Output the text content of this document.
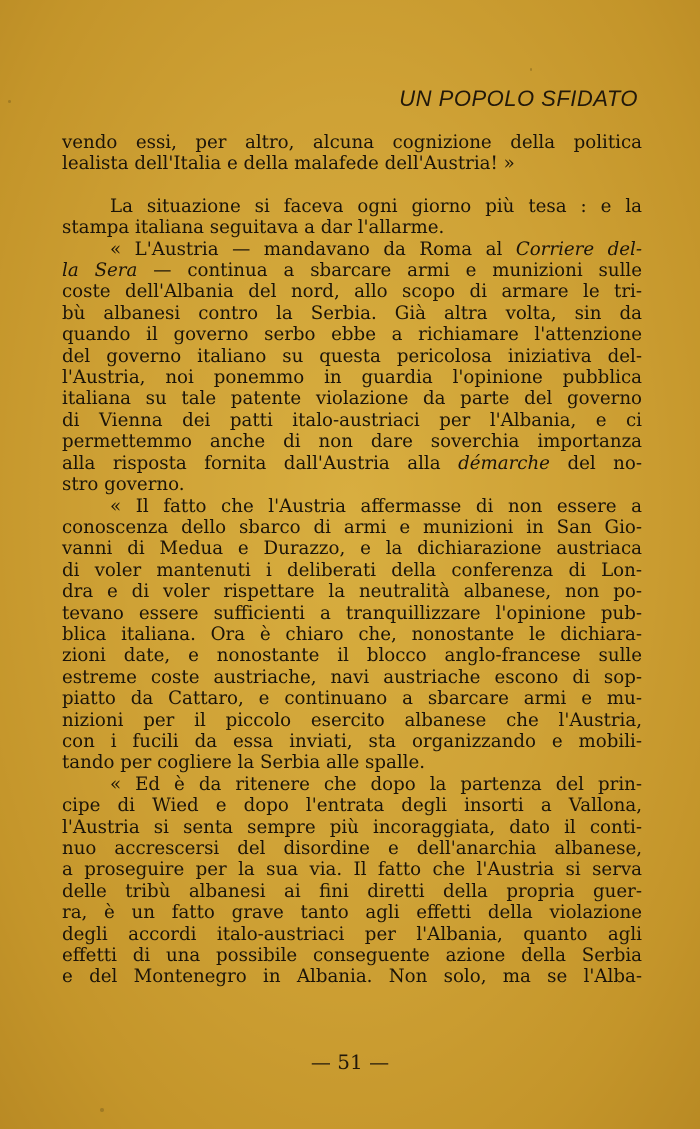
UN POPOLO SFIDATO
vendo essi, per altro, alcuna cognizione della politica
lealista dell'Italia e della malafede dell'Austria! »
La situazione si faceva ogni giorno più tesa : e la
stampa italiana seguitava a dar l'allarme.
« L'Austria — mandavano da Roma al Corriere del-
la Sera — continua a sbarcare armi e munizioni sulle
coste dell'Albania del nord, allo scopo di armare le tri-
bù albanesi contro la Serbia. Già altra volta, sin da
quando il governo serbo ebbe a richiamare l'attenzione
del governo italiano su questa pericolosa iniziativa del-
l'Austria, noi ponemmo in guardia l'opinione pubblica
italiana su tale patente violazione da parte del governo
di Vienna dei patti italo-austriaci per l'Albania, e ci
permettemmo anche di non dare soverchia importanza
alla risposta fornita dall'Austria alla démarche del no-
stro governo.
« Il fatto che l'Austria affermasse di non essere a
conoscenza dello sbarco di armi e munizioni in San Gio-
vanni di Medua e Durazzo, e la dichiarazione austriaca
di voler mantenuti i deliberati della conferenza di Lon-
dra e di voler rispettare la neutralità albanese, non po-
tevano essere sufficienti a tranquillizzare l'opinione pub-
blica italiana. Ora è chiaro che, nonostante le dichiara-
zioni date, e nonostante il blocco anglo-francese sulle
estreme coste austriache, navi austriache escono di sop-
piatto da Cattaro, e continuano a sbarcare armi e mu-
nizioni per il piccolo esercito albanese che l'Austria,
con i fucili da essa inviati, sta organizzando e mobili-
tando per cogliere la Serbia alle spalle.
« Ed è da ritenere che dopo la partenza del prin-
cipe di Wied e dopo l'entrata degli insorti a Vallona,
l'Austria si senta sempre più incoraggiata, dato il conti-
nuo accrescersi del disordine e dell'anarchia albanese,
a proseguire per la sua via. Il fatto che l'Austria si serva
delle tribù albanesi ai fini diretti della propria guer-
ra, è un fatto grave tanto agli effetti della violazione
degli accordi italo-austriaci per l'Albania, quanto agli
effetti di una possibile conseguente azione della Serbia
e del Montenegro in Albania. Non solo, ma se l'Alba-
— 51 —
